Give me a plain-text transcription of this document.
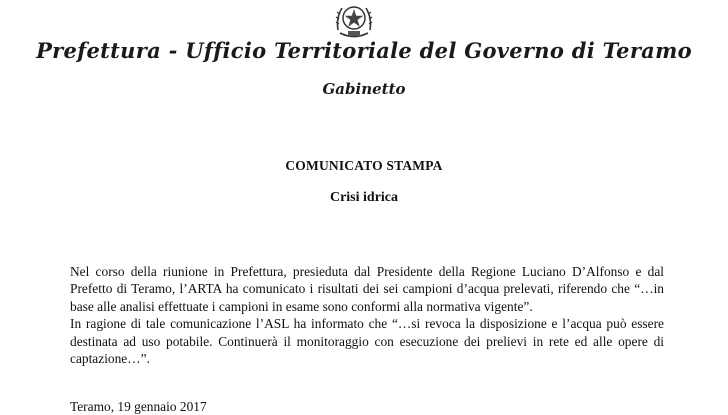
Prefettura - Ufficio Territoriale del Governo di Teramo
Gabinetto
COMUNICATO STAMPA
Crisi idrica

Nel corso della riunione in Prefettura, presieduta dal Presidente della Regione Luciano D’Alfonso e dal Prefetto di Teramo, l’ARTA ha comunicato i risultati dei sei campioni d’acqua prelevati, riferendo che “…in base alle analisi effettuate i campioni in esame sono conformi alla normativa vigente”.

In ragione di tale comunicazione l’ASL ha informato che “…si revoca la disposizione e l’acqua può essere destinata ad uso potabile. Continuerà il monitoraggio con esecuzione dei prelievi in rete ed alle opere di captazione…”.

Teramo, 19 gennaio 2017
